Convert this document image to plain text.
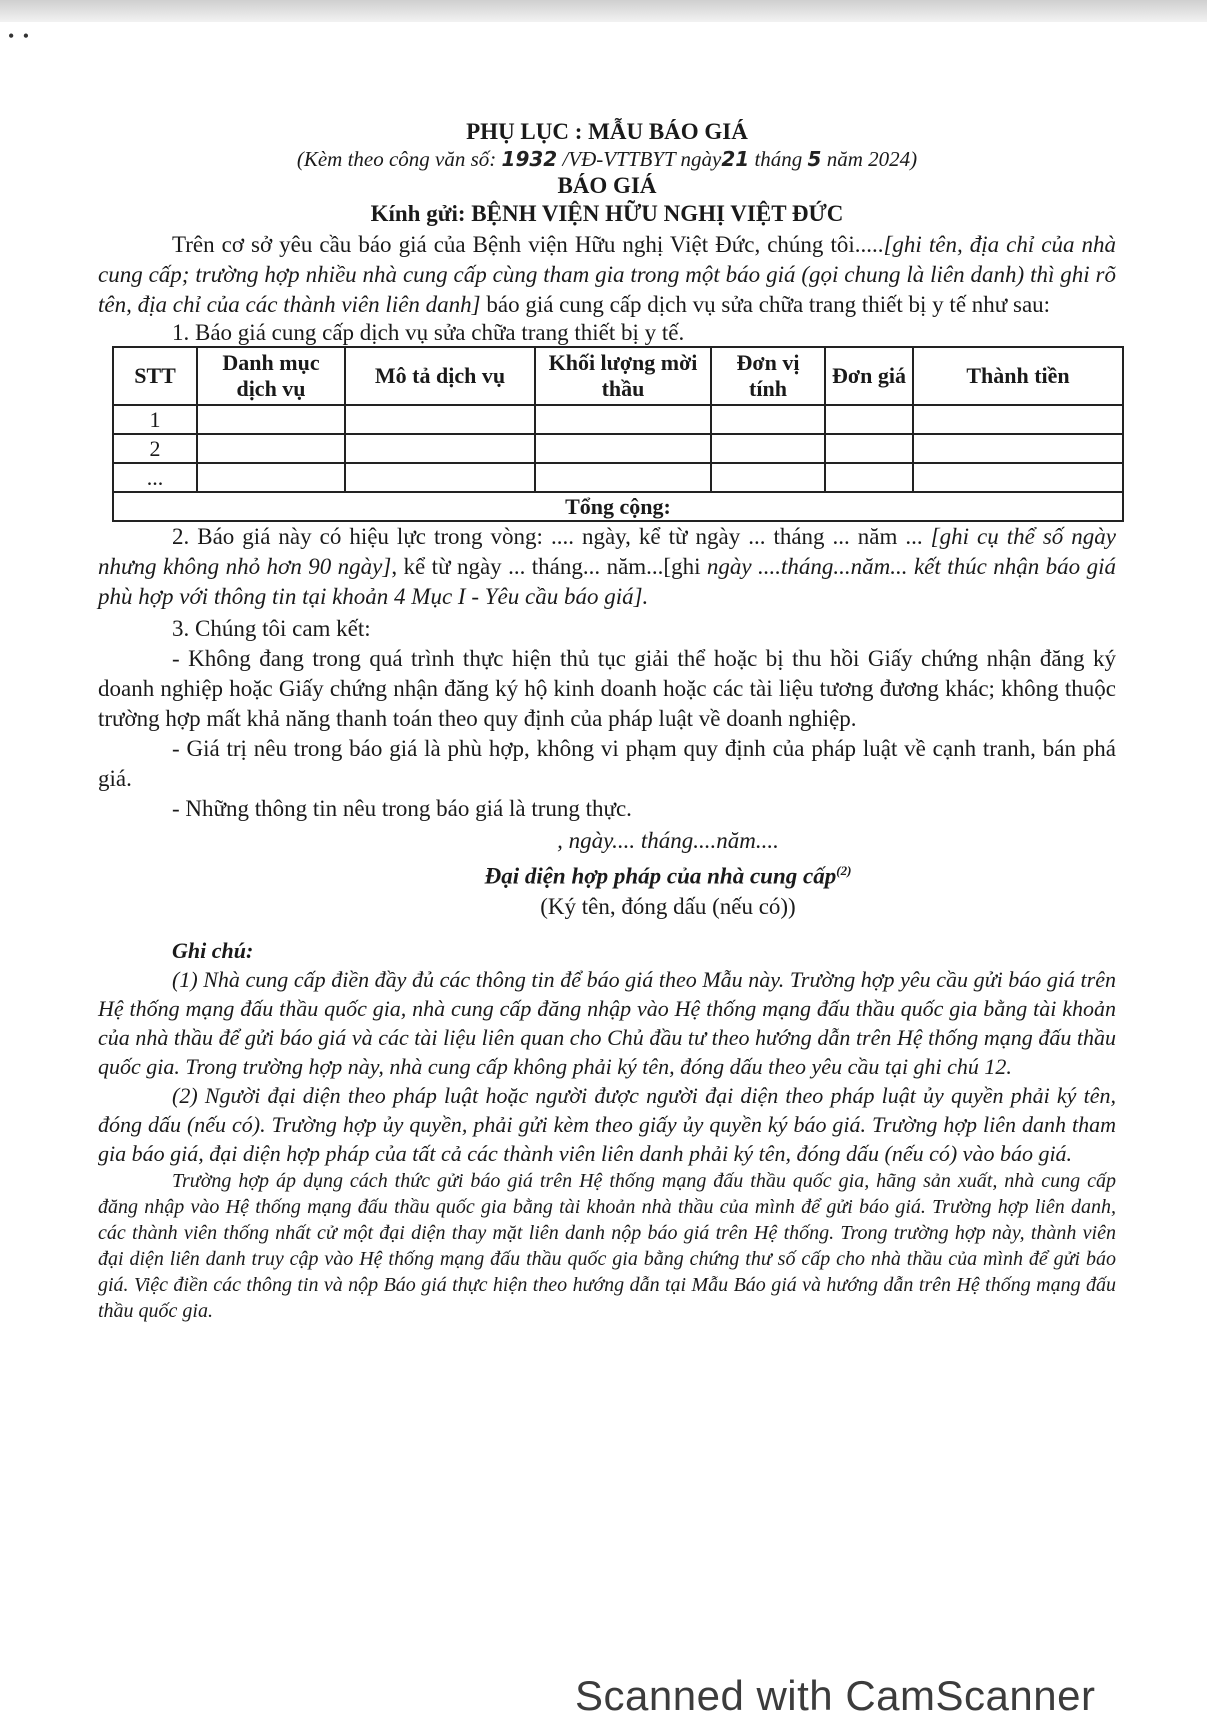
• •
PHỤ LỤC : MẪU BÁO GIÁ
(Kèm theo công văn số: 1932 /VĐ-VTTBYT ngày21 tháng 5 năm 2024)
BÁO GIÁ
Kính gửi: BỆNH VIỆN HỮU NGHỊ VIỆT ĐỨC

Trên cơ sở yêu cầu báo giá của Bệnh viện Hữu nghị Việt Đức, chúng tôi.....[ghi tên, địa chỉ của nhà cung cấp; trường hợp nhiều nhà cung cấp cùng tham gia trong một báo giá (gọi chung là liên danh) thì ghi rõ tên, địa chỉ của các thành viên liên danh] báo giá cung cấp dịch vụ sửa chữa trang thiết bị y tế như sau:

1. Báo giá cung cấp dịch vụ sửa chữa trang thiết bị y tế.

STT	Danh mục dịch vụ	Mô tả dịch vụ	Khối lượng mời thầu	Đơn vị tính	Đơn giá	Thành tiền
1						
2						
...						
Tổng cộng:						

2. Báo giá này có hiệu lực trong vòng: .... ngày, kể từ ngày ... tháng ... năm ... [ghi cụ thể số ngày nhưng không nhỏ hơn 90 ngày], kể từ ngày ... tháng... năm...[ghi ngày ....tháng...năm... kết thúc nhận báo giá phù hợp với thông tin tại khoản 4 Mục I - Yêu cầu báo giá].

3. Chúng tôi cam kết:

- Không đang trong quá trình thực hiện thủ tục giải thể hoặc bị thu hồi Giấy chứng nhận đăng ký doanh nghiệp hoặc Giấy chứng nhận đăng ký hộ kinh doanh hoặc các tài liệu tương đương khác; không thuộc trường hợp mất khả năng thanh toán theo quy định của pháp luật về doanh nghiệp.

- Giá trị nêu trong báo giá là phù hợp, không vi phạm quy định của pháp luật về cạnh tranh, bán phá giá.

- Những thông tin nêu trong báo giá là trung thực.

, ngày.... tháng....năm....
Đại diện hợp pháp của nhà cung cấp$^{(2)}$
(Ký tên, đóng dấu (nếu có))
Ghi chú:

(1) Nhà cung cấp điền đầy đủ các thông tin để báo giá theo Mẫu này. Trường hợp yêu cầu gửi báo giá trên Hệ thống mạng đấu thầu quốc gia, nhà cung cấp đăng nhập vào Hệ thống mạng đấu thầu quốc gia bằng tài khoản của nhà thầu để gửi báo giá và các tài liệu liên quan cho Chủ đầu tư theo hướng dẫn trên Hệ thống mạng đấu thầu quốc gia. Trong trường hợp này, nhà cung cấp không phải ký tên, đóng dấu theo yêu cầu tại ghi chú 12.

(2) Người đại diện theo pháp luật hoặc người được người đại diện theo pháp luật ủy quyền phải ký tên, đóng dấu (nếu có). Trường hợp ủy quyền, phải gửi kèm theo giấy ủy quyền ký báo giá. Trường hợp liên danh tham gia báo giá, đại diện hợp pháp của tất cả các thành viên liên danh phải ký tên, đóng dấu (nếu có) vào báo giá.

Trường hợp áp dụng cách thức gửi báo giá trên Hệ thống mạng đấu thầu quốc gia, hãng sản xuất, nhà cung cấp đăng nhập vào Hệ thống mạng đấu thầu quốc gia bằng tài khoản nhà thầu của mình để gửi báo giá. Trường hợp liên danh, các thành viên thống nhất cử một đại diện thay mặt liên danh nộp báo giá trên Hệ thống. Trong trường hợp này, thành viên đại diện liên danh truy cập vào Hệ thống mạng đấu thầu quốc gia bằng chứng thư số cấp cho nhà thầu của mình để gửi báo giá. Việc điền các thông tin và nộp Báo giá thực hiện theo hướng dẫn tại Mẫu Báo giá và hướng dẫn trên Hệ thống mạng đấu thầu quốc gia.

Scanned with CamScanner
